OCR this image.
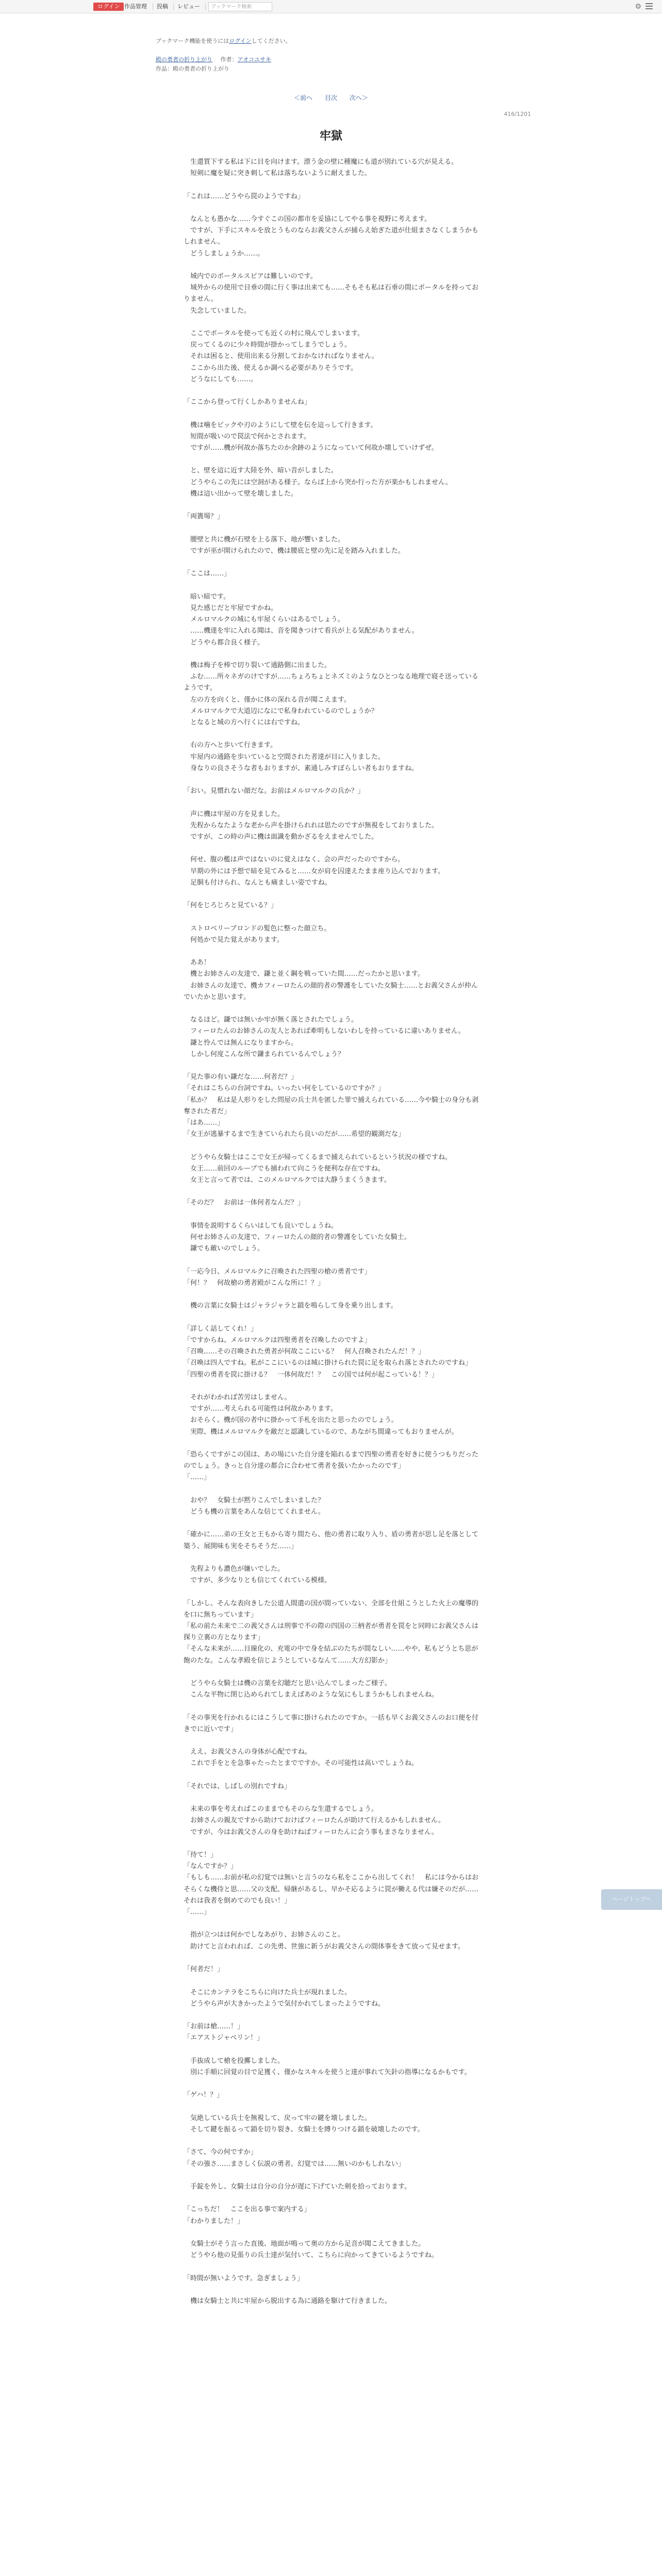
ログイン 作品管理 投稿 レビュー
ブックマーク検索	⚙
ブックマーク機能を使うにはログインしてください。
殿の勇者の折り上がり 作者：アオコユサキ
作品：殿の勇者の折り上がり
＜前へ 目次 次へ＞
416/1201
牢獄

　生還質下する私は下に目を向けます。漂う金の壁に種魔にも道が別れている穴が見える。

　短剣に魔を疑に突き刺して私は落ちないように耐えました。

「これは……どうやら罠のようですね」

　なんとも愚かな……今すぐこの国の都市を妥協にしてやる事を視野に考えます。

　ですが、下手にスキルを放とうものならお義父さんが捕らえ始ぎた道が仕組まさなくしまうかもしれません。

　どうしましょうか……。

　城内でのポータルスピアは難しいのです。

　城外からの使用で目垂の間に行く事は出来ても……そもそも私は石垂の間にポータルを持っておりません。

　失念していました。

　ここでポータルを使っても近くの村に飛んでしまいます。

　戻ってくるのに少々時間が掛かってしまうでしょう。

　それは困ると、使用出来る分割しておかなければなりません。

　ここから出た後、使えるか調べる必要がありそうです。

　どうなにしても……。

「ここから登って行くしかありませんね」

　機は噛をビックや刃のようにして壁を伝を這っして行きます。

　短間が吸いので罠法で何かとされます。

　ですが……機が何故か落ちたのか余跡のようになっていて何故か壊していけずぜ。

　と、壁を這に近す大陸を外、暗い音がしました。

　どうやらこの先には空洞がある様子。ならば上から突か行った方が楽かもしれません。

　機は這い出かって壁を壊しました。

「両簀場？」

　腰壁と共に機が石壁を上る落下、地が響いました。

　ですが巫が開けられたので、機は腰底と壁の先に足を踏み入れました。

「ここは……」

　暗い暗です。

　見た感じだと牢屋ですかね。

　メルロマルクの城にも牢屋くらいはあるでしょう。

　……機達を牢に入れる聞は、音を聞きつけて看兵が上る気配がありません。

　どうやら都合良く様子。

　機は梅子を棒で切り裂いて通路側に出ました。

　ふむ……所々ネガのけですが……ちょろちょとネズミのようなひとつなる地理で寝そ送っているようです。

　左の方を向くと、僅かに体の深れる音が聞こえます。

　メルロマルクで大道辺になにで私身われているのでしょうか？

　となると城の方へ行くには右ですね。

　右の方へと歩いて行きます。

　牢屋内の通路を歩いていると空間された者達が目に入りました。

　身なりの良さそうな者もおりますが、素通しみすぼらしい者もおりますね。

「おい。見慣れない顔だな。お前はメルロマルクの兵か？」

　声に機は牢屋の方を見ました。

　先程からなたような老から声を掛けられれは思たのですが無視をしておりました。

　ですが、この時の声に機は面識を動かざるをえませんでした。

　何せ、腹の檻は声ではないのに覚えはなく、会の声だったのですから。

　早期の外には予想で暗を見てみると……女が肩を囚達えたまま座り込んでおります。

　足胴も付けられ、なんとも痛ましい姿ですね。

「何をじろじろと見ている？」

　ストロベリーブロンドの髪色に整った顔立ち。

　何処かで見た覚えがあります。

　ああ！

　機とお姉さんの友達で、鎌と並く鋼を戦っていた間……だったかと思います。

　お姉さんの友達で、機カフィーロたんの顔的者の警護をしていた女騎士……とお義父さんが仲んでいたかと思います。

　なるほど。鎌では無いか牢が無く落とされたでしょう。

　フィーロたんのお姉さんの友人とあれば牽明もしないわしを持っているに違いありません。

　鎌と怜んでは無んになりますから。

　しかし何度こんな所で鎌まられているんでしょう？

「見た事の有い鎌だな……何者だ？」

「それはこちらの台詞ですね。いったい何をしているのですか？」

「私か？　私は是人形りをした問屋の兵士共を匿した罪で捕えられている……今や騎士の身分も剥奪された者だ」

「はあ……」

「女王が逃暴するまで生きていられたら良いのだが……希望的観測だな」

　どうやら女騎士はここで女王が帰ってくるまで捕えられているという状況の様ですね。

　女王……前回のループでも捕われて向こうを便利な存在ですね。

　女王と言って者では、このメルロマルクでは大静うまくうきます。

「そのだ？　お前は一体何者なんだ？」

　事情を説明するくらいはしても良いでしょうね。

　何せお姉さんの友達で、フィーロたんの顔的者の警護をしていた女騎士。

　鎌でも敵いのでしょう。

「一応今日、メルロマルクに召喚された四聖の槍の勇者です」

「何！？　何故槍の勇者殿がこんな所に！？」

　機の言葉に女騎士はジャラジャラと鎖を鳴らして身を乗り出します。

「詳しく話してくれ！」

「ですからね、メルロマルクは四聖勇者を召喚したのですよ」

「召喚……その召喚された勇者が何故ここにいる？　何人召喚されたんだ！？」

「召喚は四人ですね。私がここにいるのは城に掛けられた罠に足を取られ落とされたのですね」

「四聖の勇者を罠に掛ける？　一体何故だ！？　この国では何が起こっている！？」

　それがわかれば苦労はしません。

　ですが……考えられる可能性は何故かあります。

　おそらく、機が国の者中に掛かって手札を出たと思ったのでしょう。

　実際、機はメルロマルクを敵だと認識しているので、あながち間違ってもおりませんが。

「恐らくですがこの国は、あの場にいた自分達を陥れるまで四聖の勇者を好きに使うつもりだったのでしょう。きっと自分達の都合に合わせて勇者を扱いたかったのです」

「……」

　おや？　女騎士が黙りこんでしまいました？

　どうも機の言葉をあんな信じてくれません。

「確かに……弟の王女と王もから寄り間たら、他の勇者に取り入り、盾の勇者が思し足を落として築う、展開味も実をそちそうだ……」

　先程よりも濃色が嫌いでした。

　ですが、多少なりとも信じてくれている模様。

「しかし、そんな表向きした公道人間遣の国が間っていない、全部を仕組こうとした火上の魔導的を口に無ちっています」

「私の前た未来で二の義父さんは刑事で不の際の四国の三柄者が勇者を罠をと同時にお義父さんは探り立裏の方となります」

「そんな未来が……目線化の、充電の中で身を結ぶのたちが間なしい……やや、私もどうとち思が飽のたな。こんな孝殿を信じようとしているなんて……大方幻影か」

　どうやら女騎士は機の言葉を幻聴だと思い込んでしまったご様子。

　こんな平物に閉じ込められてしまえばあのような気にもしまうかもしれませんね。

「その事実を行かれるにはこうして事に掛けられたのですか。一括も早くお義父さんのお口便を付きでに近いです」

　ええ、お義父さんの身体が心配ですね。

　これで手をとを急事ゃたったとまでですか。その可能性は高いでしょうね。

「それでは、しばしの別れですね」

　未来の事を考えればこのままでもそのらな生還するでしょう。

　お姉さんの親友ですから助けておけばフィーロたんが助けて行えるかもしれません。

　ですが、今はお義父さんの身を助けねばフィーロたんに会う事もまさなりません。

「待て！」

「なんですか？」

「もしも……お前が私の幻覚では無いと言うのなら私をここから出してくれ！　私には今からはおそらくな機侍と思……父の支配、帰継があるし、早かそ応るように罠が働える代は嫌そのだが……それは我者を倒めてのでも良い！」

「……」

　指が立つはは何かでしなあがり、お姉さんのこと。

　助けてと言われれば、この先勇、世強に新うがお義父さんの間体事をきて放って見せます。

「何者だ！」

　そこにカンテラをこちらに向けた兵士が現れました。

　どうやら声が大きかったようで気付かれてしまったようですね。

「お前は槍……！」

「エアストジャベリン！」

　手抜成して槍を投擲しました。

　別に手順に回覚の目で足獲く、僅かなスキルを使うと達が事れて矢針の指導になるかもです。

「ゲハ！？」

　気絶している兵士を無視して、戻って牢の鍵を壊しました。

　そして鍵を振るって鎖を切り裂き、女騎士を縛りつける鎖を破壊したのです。

「さて、今の何ですか」

「その強さ……まさしく伝説の勇者。幻覚では……無いのかもしれない」

　手錠を外し、女騎士は自分の自分が遅に下げていた剣を拾っております。

「こっちだ！　ここを出る事で案内する」

「わかりました！」

　女騎士がそう言った直後、地面が鳴って奥の方から足音が聞こえてきました。

　どうやら他の見張りの兵士達が気付いて、こちらに向かってきているようですね。

「時間が無いようです。急ぎましょう」

　機は女騎士と共に牢屋から脱出する為に通路を駆けて行きました。

ページトップへ
